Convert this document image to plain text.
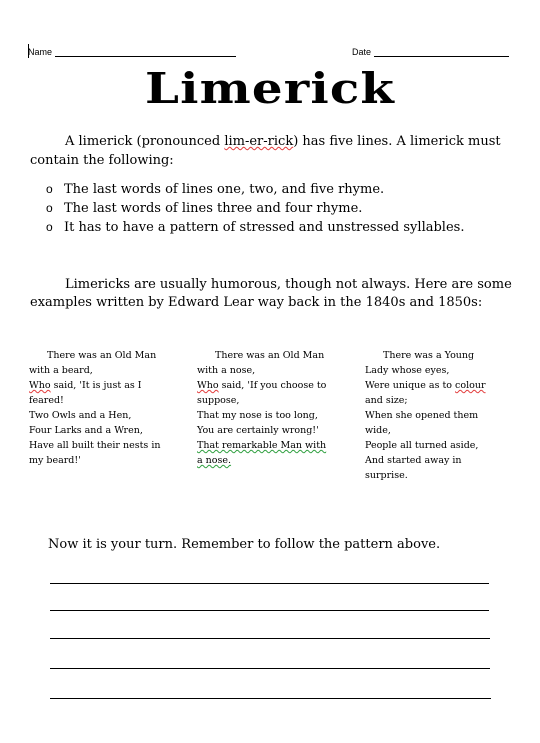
Name	Date
Limerick
A limerick (pronounced lim-er-rick) has five lines. A limerick must contain the following:
o The last words of lines one, two, and five rhyme.
o The last words of lines three and four rhyme.
o It has to have a pattern of stressed and unstressed syllables.
Limericks are usually humorous, though not always. Here are some examples written by Edward Lear way back in the 1840s and 1850s:
There was an Old Man
with a beard,
Who said, 'It is just as I
feared!
Two Owls and a Hen,
Four Larks and a Wren,
Have all built their nests in
my beard!'
There was an Old Man
with a nose,
Who said, 'If you choose to
suppose,
That my nose is too long,
You are certainly wrong!'
That remarkable Man with
a nose.
There was a Young
Lady whose eyes,
Were unique as to colour
and size;
When she opened them
wide,
People all turned aside,
And started away in
surprise.
Now it is your turn. Remember to follow the pattern above.
